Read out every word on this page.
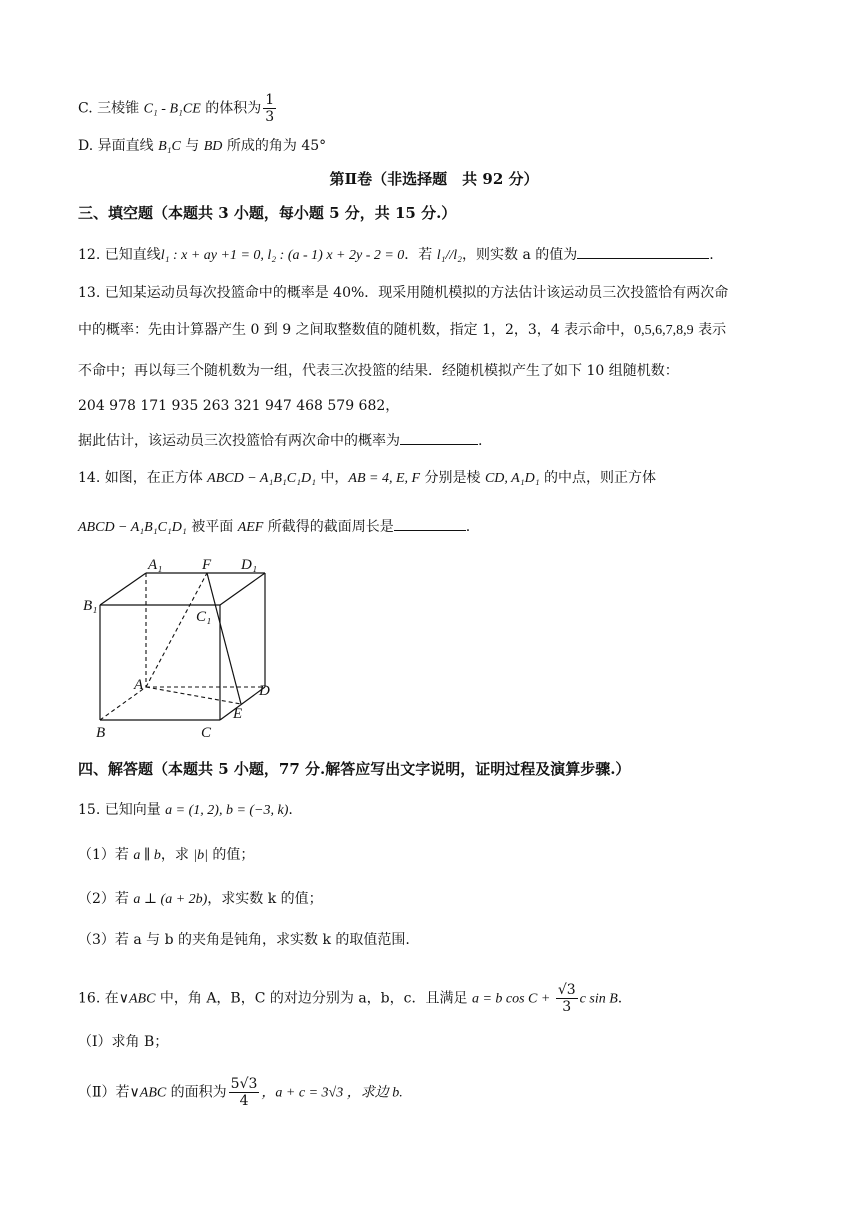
C. 三棱锥 C₁ - B₁CE 的体积为 $\frac{1}{3}$
D. 异面直线 B₁C 与 BD 所成的角为 45°
第Ⅱ卷（非选择题　共 92 分）
三、填空题（本题共 3 小题，每小题 5 分，共 15 分.）
12. 已知直线l₁ : x + ay +1 = 0, l₂ : (a - 1) x + 2y - 2 = 0．若 l₁//l₂，则实数 a 的值为	.
13. 已知某运动员每次投篮命中的概率是 40%．现采用随机模拟的方法估计该运动员三次投篮恰有两次命
中的概率：先由计算器产生 0 到 9 之间取整数值的随机数，指定 1，2，3，4 表示命中，0,5,6,7,8,9 表示
不命中；再以每三个随机数为一组，代表三次投篮的结果．经随机模拟产生了如下 10 组随机数：
204 978 171 935 263 321 947 468 579 682，
据此估计，该运动员三次投篮恰有两次命中的概率为	.
14. 如图，在正方体 ABCD − A₁B₁C₁D₁ 中，AB = 4, E, F 分别是棱 CD, A₁D₁ 的中点，则正方体
ABCD − A₁B₁C₁D₁ 被平面 AEF 所截得的截面周长是	.
A₁	F D₁
B₁
C₁
A	D
E
B	C
四、解答题（本题共 5 小题，77 分.解答应写出文字说明，证明过程及演算步骤.）
15. 已知向量 a = (1, 2), b = (−3, k).
（1）若 a ∥ b，求 |b| 的值；
（2）若 a ⊥ (a + 2b)，求实数 k 的值；
（3）若 a 与 b 的夹角是钝角，求实数 k 的取值范围.
16. 在∨ABC 中，角 A，B，C 的对边分别为 a，b，c．且满足 a = b $\cos C + \frac{√3}{3}$ c sin B.
（Ⅰ）求角 B；
（Ⅱ）若∨ABC 的面积为 $\frac{5√3}{4}$ ，a + c = 3√3 ，求边 b.
